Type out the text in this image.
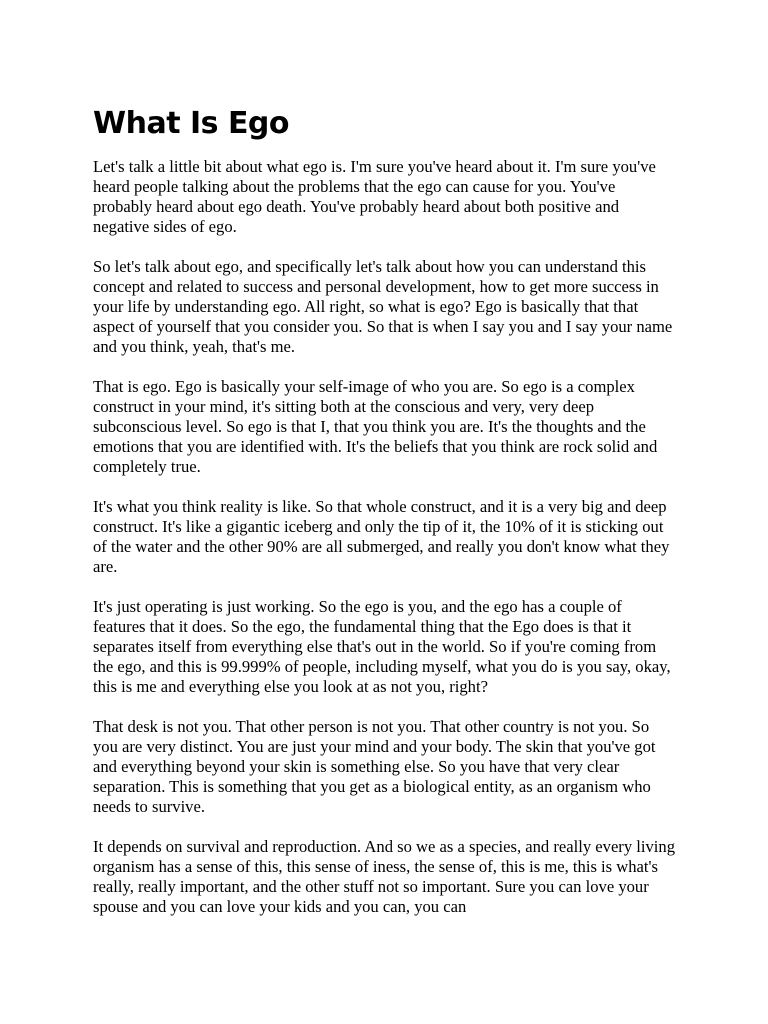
What Is Ego

Let's talk a little bit about what ego is. I'm sure you've heard about it. I'm sure you've heard people talking about the problems that the ego can cause for you. You've probably heard about ego death. You've probably heard about both positive and negative sides of ego.

So let's talk about ego, and specifically let's talk about how you can understand this concept and related to success and personal development, how to get more success in your life by understanding ego. All right, so what is ego? Ego is basically that that aspect of yourself that you consider you. So that is when I say you and I say your name and you think, yeah, that's me.

That is ego. Ego is basically your self-image of who you are. So ego is a complex construct in your mind, it's sitting both at the conscious and very, very deep subconscious level. So ego is that I, that you think you are. It's the thoughts and the emotions that you are identified with. It's the beliefs that you think are rock solid and completely true.

It's what you think reality is like. So that whole construct, and it is a very big and deep construct. It's like a gigantic iceberg and only the tip of it, the 10% of it is sticking out of the water and the other 90% are all submerged, and really you don't know what they are.

It's just operating is just working. So the ego is you, and the ego has a couple of features that it does. So the ego, the fundamental thing that the Ego does is that it separates itself from everything else that's out in the world. So if you're coming from the ego, and this is 99.999% of people, including myself, what you do is you say, okay, this is me and everything else you look at as not you, right?

That desk is not you. That other person is not you. That other country is not you. So you are very distinct. You are just your mind and your body. The skin that you've got and everything beyond your skin is something else. So you have that very clear separation. This is something that you get as a biological entity, as an organism who needs to survive.

It depends on survival and reproduction. And so we as a species, and really every living organism has a sense of this, this sense of iness, the sense of, this is me, this is what's really, really important, and the other stuff not so important. Sure you can love your spouse and you can love your kids and you can, you can
